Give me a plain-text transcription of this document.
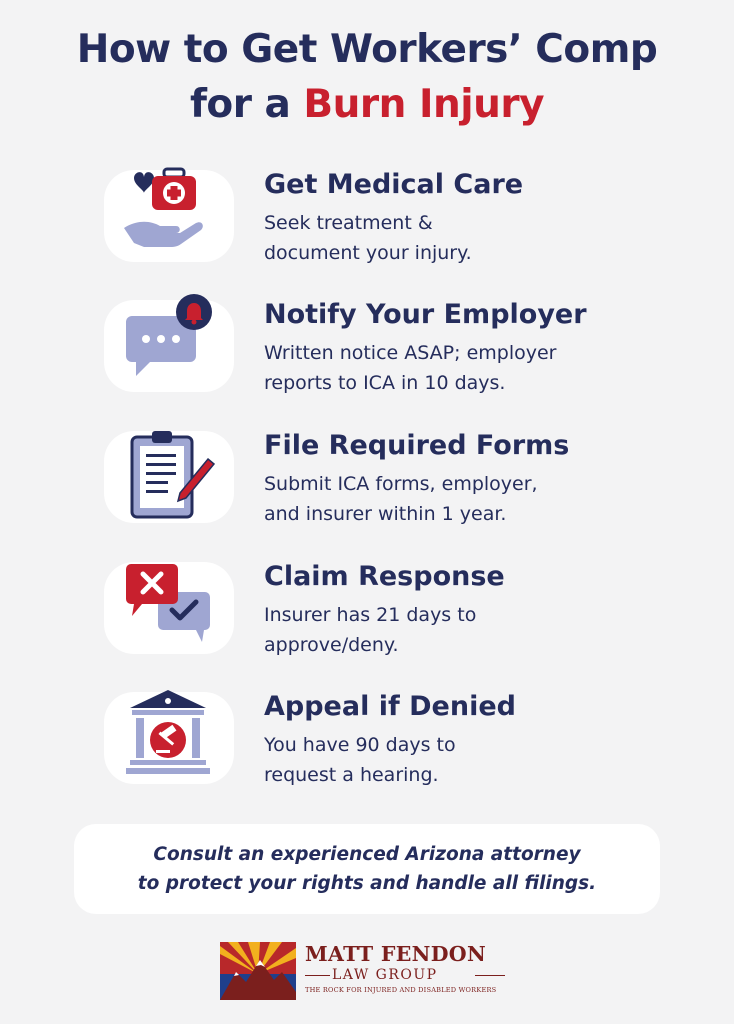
How to Get Workers’ Comp
for a Burn Injury
Get Medical Care
Seek treatment &
document your injury.
Notify Your Employer
Written notice ASAP; employer
reports to ICA in 10 days.
File Required Forms
Submit ICA forms, employer,
and insurer within 1 year.
Claim Response
Insurer has 21 days to
approve/deny.
Appeal if Denied
You have 90 days to
request a hearing.
Consult an experienced Arizona attorney
to protect your rights and handle all filings.
MATT FENDON
LAW GROUP
THE ROCK FOR INJURED AND DISABLED WORKERS
